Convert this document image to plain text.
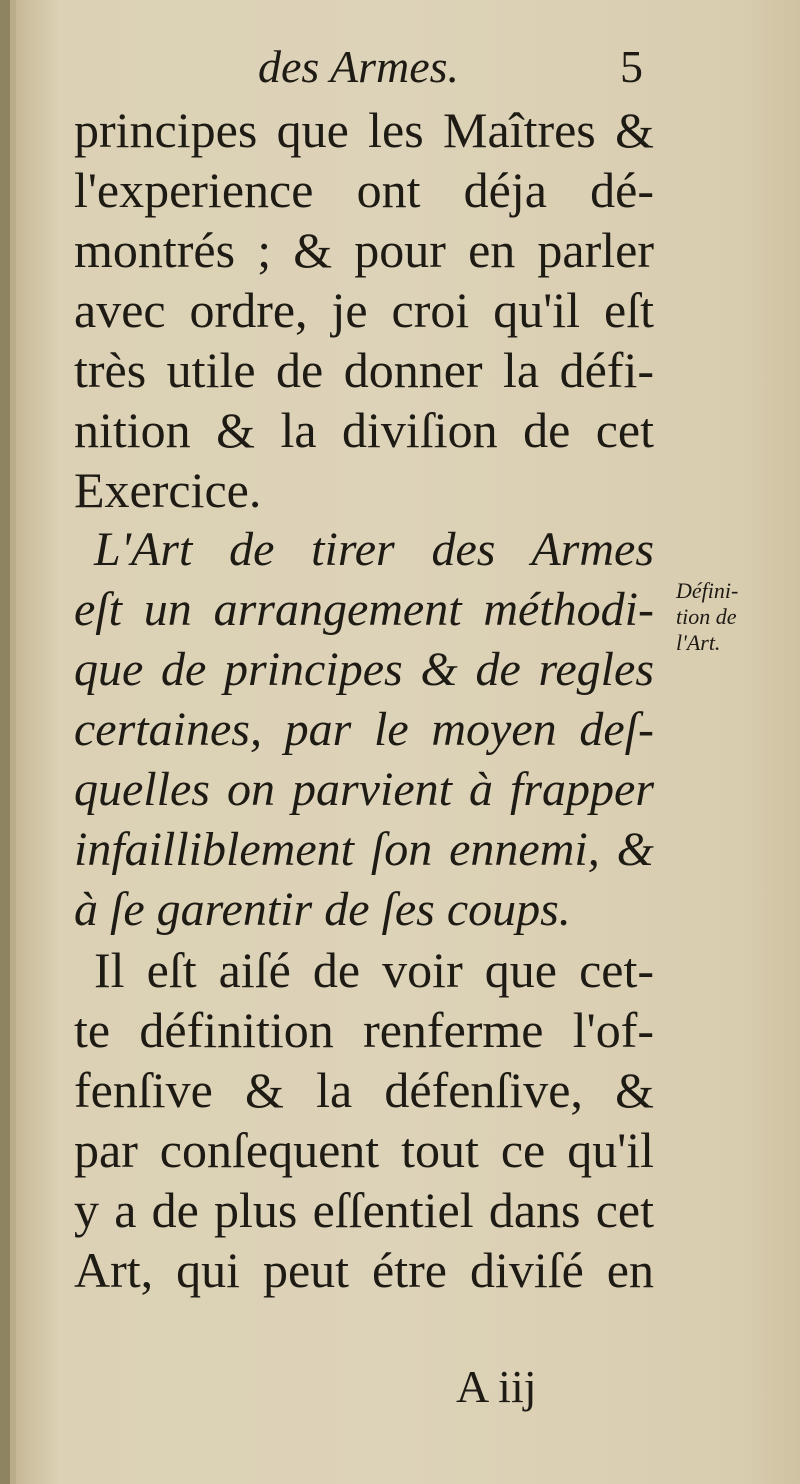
des Armes.	5
principes que les Maîtres &
l'experience ont déja dé-
montrés ; & pour en parler
avec ordre, je croi qu'il eſt
très utile de donner la défi-
nition & la diviſion de cet
Exercice.
L'Art de tirer des Armes
eſt un arrangement méthodi-
que de principes & de regles
certaines, par le moyen deſ-
quelles on parvient à frapper
infailliblement ſon ennemi, &
à ſe garentir de ſes coups.
Il eſt aiſé de voir que cet-
te définition renferme l'of-
fenſive & la défenſive, &
par conſequent tout ce qu'il
y a de plus eſſentiel dans cet
Art, qui peut étre diviſé en
Défini-
tion de
l'Art.
A iij
